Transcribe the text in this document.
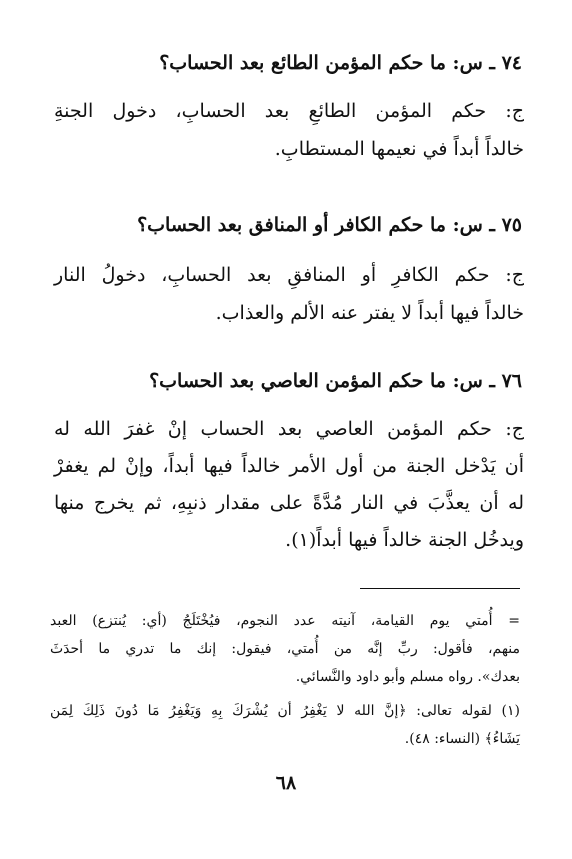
٧٤ ـ س: ما حكم المؤمن الطائع بعد الحساب؟
ج: حكم المؤمن الطائعِ بعد الحسابِ، دخول الجنةِ
خالداً أبداً في نعيمها المستطابِ.
٧٥ ـ س: ما حكم الكافر أو المنافق بعد الحساب؟
ج: حكم الكافرِ أو المنافقِ بعد الحسابِ، دخولُ النار
خالداً فيها أبداً لا يفتر عنه الألم والعذاب.
٧٦ ـ س: ما حكم المؤمن العاصي بعد الحساب؟
ج: حكم المؤمن العاصي بعد الحساب إنْ غفرَ الله له
أن يَدْخل الجنة من أول الأمر خالداً فيها أبداً، وإنْ لم يغفرْ
له أن يعذَّبَ في النار مُدَّةً على مقدار ذنبِهِ، ثم يخرج منها
ويدخُل الجنة خالداً فيها أبداً(١).
= أُمتي يوم القيامة، آنيته عدد النجوم، فيُخْتَلَجُ (أي: يُنتزع) العبد
منهم، فأقول: ربِّ إنَّه من أُمتي، فيقول: إنك ما تدري ما أحدَثَ
بعدك». رواه مسلم وأبو داود والنَّسائي.
(١) لقوله تعالى: ﴿إنَّ الله لا يَغْفِرُ أن يُشْرَكَ بِهِ وَيَغْفِرُ مَا دُونَ ذَلِكَ لِمَن
يَشَاءُ﴾ (النساء: ٤٨).
٦٨
